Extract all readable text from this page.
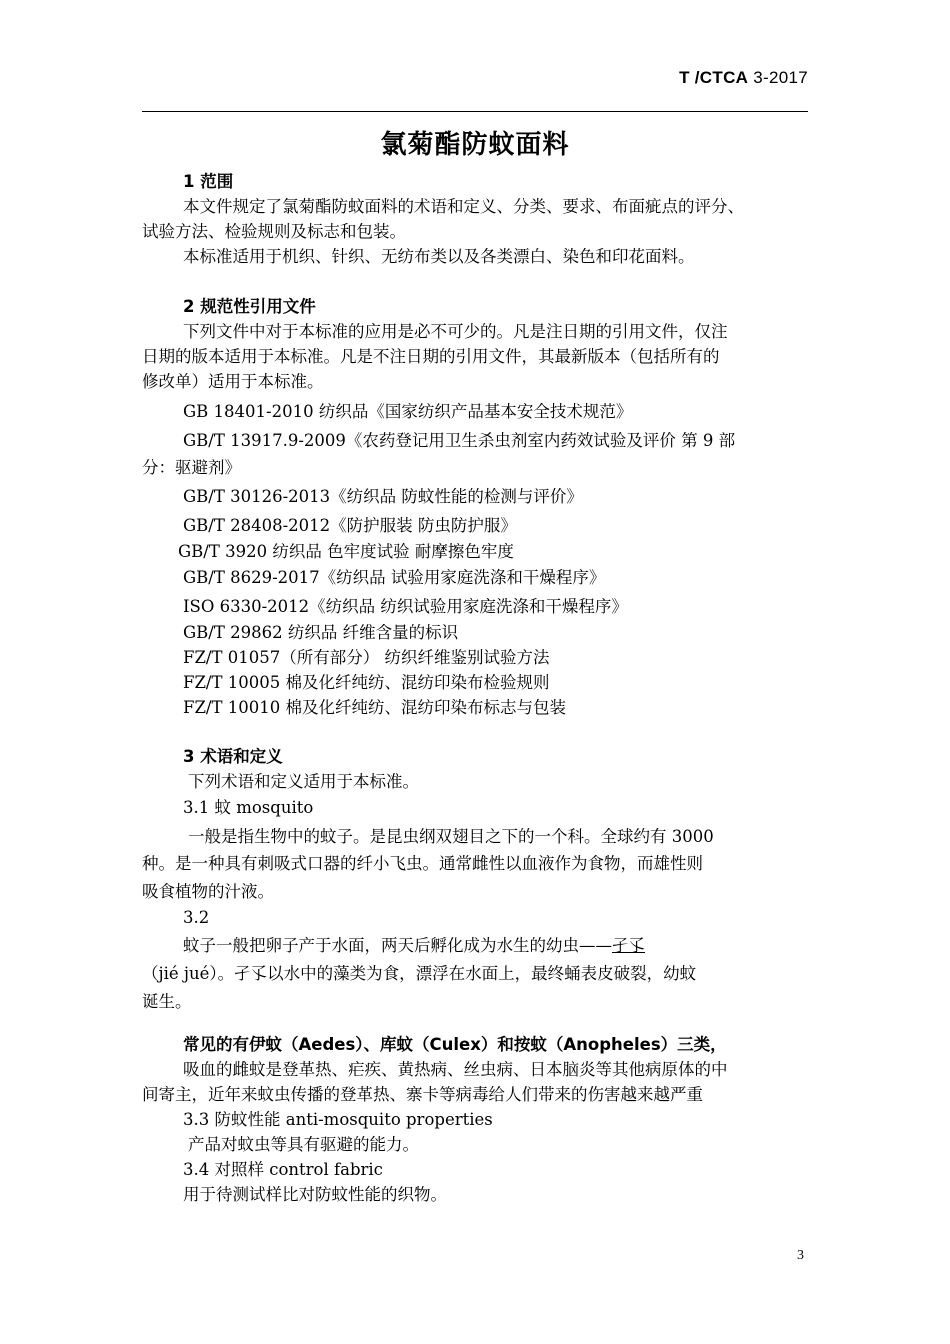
T /CTCA 3-2017
氯菊酯防蚊面料
1 范围
本文件规定了氯菊酯防蚊面料的术语和定义、分类、要求、布面疵点的评分、
试验方法、检验规则及标志和包装。
本标准适用于机织、针织、无纺布类以及各类漂白、染色和印花面料。
2 规范性引用文件
下列文件中对于本标准的应用是必不可少的。凡是注日期的引用文件，仅注
日期的版本适用于本标准。凡是不注日期的引用文件，其最新版本（包括所有的
修改单）适用于本标准。
GB 18401-2010 纺织品《国家纺织产品基本安全技术规范》
GB/T 13917.9-2009《农药登记用卫生杀虫剂室内药效试验及评价 第 9 部
分：驱避剂》
GB/T 30126-2013《纺织品 防蚊性能的检测与评价》
GB/T 28408-2012《防护服装 防虫防护服》
GB/T 3920 纺织品 色牢度试验 耐摩擦色牢度
GB/T 8629-2017《纺织品 试验用家庭洗涤和干燥程序》
ISO 6330-2012《纺织品 纺织试验用家庭洗涤和干燥程序》
GB/T 29862 纺织品 纤维含量的标识
FZ/T 01057（所有部分） 纺织纤维鉴别试验方法
FZ/T 10005 棉及化纤纯纺、混纺印染布检验规则
FZ/T 10010 棉及化纤纯纺、混纺印染布标志与包装
3 术语和定义
下列术语和定义适用于本标准。
3.1 蚊 mosquito
一般是指生物中的蚊子。是昆虫纲双翅目之下的一个科。全球约有 3000
种。是一种具有刺吸式口器的纤小飞虫。通常雌性以血液作为食物，而雄性则
吸食植物的汁液。
3.2
蚊子一般把卵子产于水面，两天后孵化成为水生的幼虫——孑孓
（jié jué）。孑孓以水中的藻类为食，漂浮在水面上，最终蛹表皮破裂，幼蚊
诞生。
常见的有伊蚊（Aedes）、库蚊（Culex）和按蚊（Anopheles）三类，
吸血的雌蚊是登革热、疟疾、黄热病、丝虫病、日本脑炎等其他病原体的中
间寄主，近年来蚊虫传播的登革热、寨卡等病毒给人们带来的伤害越来越严重
3.3 防蚊性能 anti-mosquito properties
产品对蚊虫等具有驱避的能力。
3.4 对照样 control fabric
用于待测试样比对防蚊性能的织物。
3
